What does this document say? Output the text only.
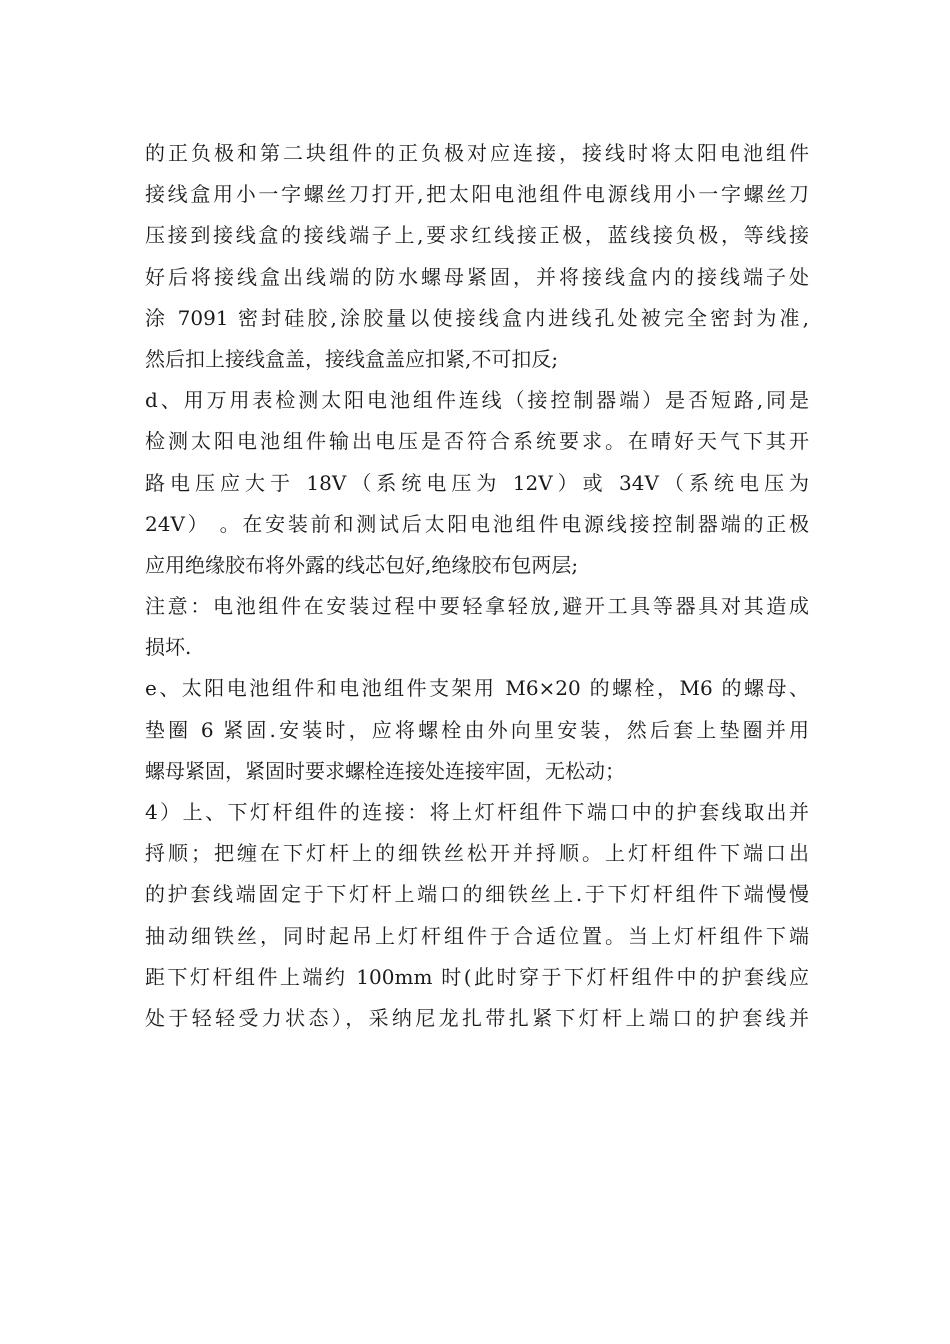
的正负极和第二块组件的正负极对应连接，接线时将太阳电池组件
接线盒用小一字螺丝刀打开,把太阳电池组件电源线用小一字螺丝刀
压接到接线盒的接线端子上,要求红线接正极，蓝线接负极，等线接
好后将接线盒出线端的防水螺母紧固，并将接线盒内的接线端子处
涂 7091 密封硅胶,涂胶量以使接线盒内进线孔处被完全密封为准,
然后扣上接线盒盖，接线盒盖应扣紧,不可扣反;
d、用万用表检测太阳电池组件连线（接控制器端）是否短路,同是
检测太阳电池组件输出电压是否符合系统要求。在晴好天气下其开
路电压应大于 18V（系统电压为 12V）或 34V（系统电压为
24V） 。在安装前和测试后太阳电池组件电源线接控制器端的正极
应用绝缘胶布将外露的线芯包好,绝缘胶布包两层;
注意：电池组件在安装过程中要轻拿轻放,避开工具等器具对其造成
损坏.
e、太阳电池组件和电池组件支架用 M6×20 的螺栓，M6 的螺母、
垫圈 6 紧固.安装时，应将螺栓由外向里安装，然后套上垫圈并用
螺母紧固，紧固时要求螺栓连接处连接牢固，无松动；
4）上、下灯杆组件的连接：将上灯杆组件下端口中的护套线取出并
捋顺；把缠在下灯杆上的细铁丝松开并捋顺。上灯杆组件下端口出
的护套线端固定于下灯杆上端口的细铁丝上.于下灯杆组件下端慢慢
抽动细铁丝，同时起吊上灯杆组件于合适位置。当上灯杆组件下端
距下灯杆组件上端约 100mm 时(此时穿于下灯杆组件中的护套线应
处于轻轻受力状态），采纳尼龙扎带扎紧下灯杆上端口的护套线并
